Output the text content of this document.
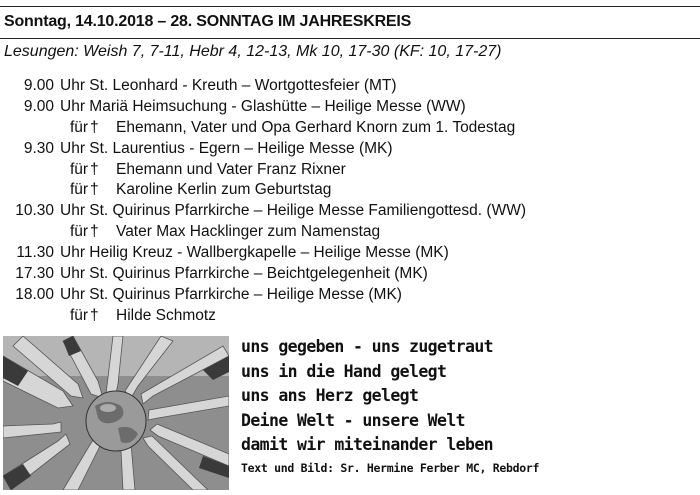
Sonntag, 14.10.2018 – 28. SONNTAG IM JAHRESKREIS
Lesungen: Weish 7, 7-11, Hebr 4, 12-13, Mk 10, 17-30 (KF: 10, 17-27)
9.00 Uhr St. Leonhard - Kreuth – Wortgottesfeier (MT)
9.00 Uhr Mariä Heimsuchung - Glashütte – Heilige Messe (WW)
für † Ehemann, Vater und Opa Gerhard Knorn zum 1. Todestag
9.30 Uhr St. Laurentius - Egern – Heilige Messe (MK)
für † Ehemann und Vater Franz Rixner
für † Karoline Kerlin zum Geburtstag
10.30 Uhr St. Quirinus Pfarrkirche – Heilige Messe Familiengottesd. (WW)
für † Vater Max Hacklinger zum Namenstag
11.30 Uhr Heilig Kreuz - Wallbergkapelle – Heilige Messe (MK)
17.30 Uhr St. Quirinus Pfarrkirche – Beichtgelegenheit (MK)
18.00 Uhr St. Quirinus Pfarrkirche – Heilige Messe (MK)
für † Hilde Schmotz
uns gegeben - uns zugetraut
uns in die Hand gelegt
uns ans Herz gelegt
Deine Welt - unsere Welt
damit wir miteinander leben
Text und Bild: Sr. Hermine Ferber MC, Rebdorf
